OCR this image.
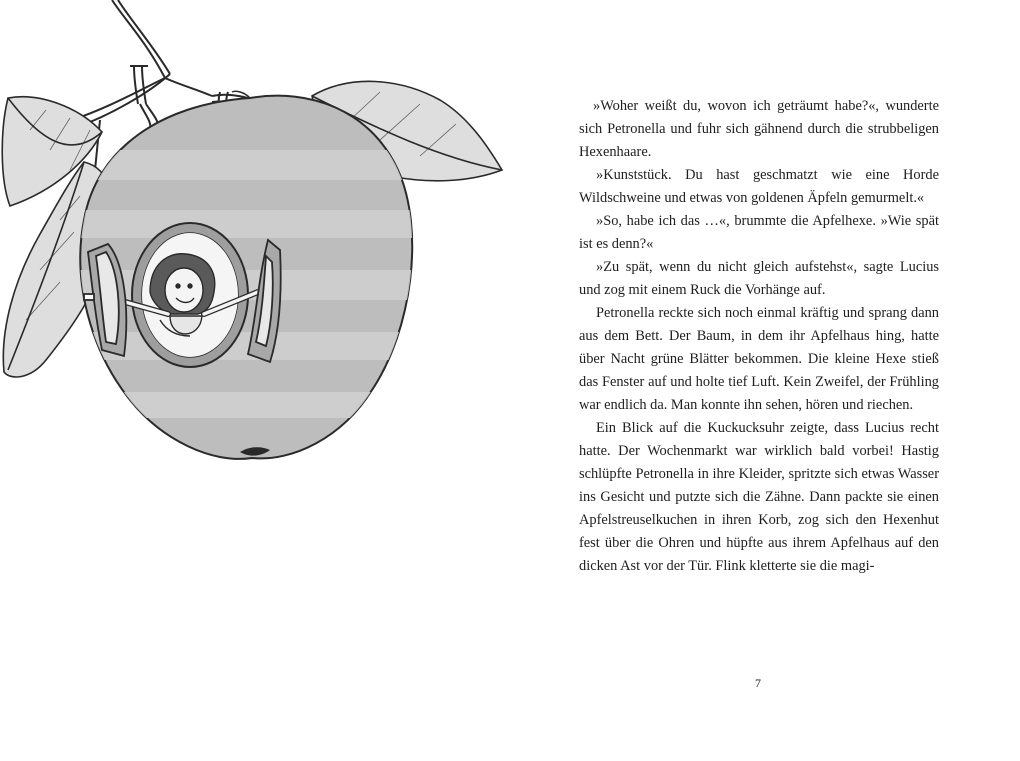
»Woher weißt du, wovon ich geträumt habe?«, wunderte sich Petronella und fuhr sich gähnend durch die strubbeligen Hexenhaare.

»Kunststück. Du hast geschmatzt wie eine Horde Wildschweine und etwas von goldenen Äpfeln gemurmelt.«

»So, habe ich das …«, brummte die Apfelhexe. »Wie spät ist es denn?«

»Zu spät, wenn du nicht gleich aufstehst«, sagte Lucius und zog mit einem Ruck die Vorhänge auf.

Petronella reckte sich noch einmal kräftig und sprang dann aus dem Bett. Der Baum, in dem ihr Apfelhaus hing, hatte über Nacht grüne Blätter bekommen. Die kleine Hexe stieß das Fenster auf und holte tief Luft. Kein Zweifel, der Frühling war endlich da. Man konnte ihn sehen, hören und riechen.

Ein Blick auf die Kuckucksuhr zeigte, dass Lucius recht hatte. Der Wochenmarkt war wirklich bald vorbei! Hastig schlüpfte Petronella in ihre Kleider, spritzte sich etwas Wasser ins Gesicht und putzte sich die Zähne. Dann packte sie einen Apfelstreuselkuchen in ihren Korb, zog sich den Hexenhut fest über die Ohren und hüpfte aus ihrem Apfelhaus auf den dicken Ast vor der Tür. Flink kletterte sie die magi-

7
